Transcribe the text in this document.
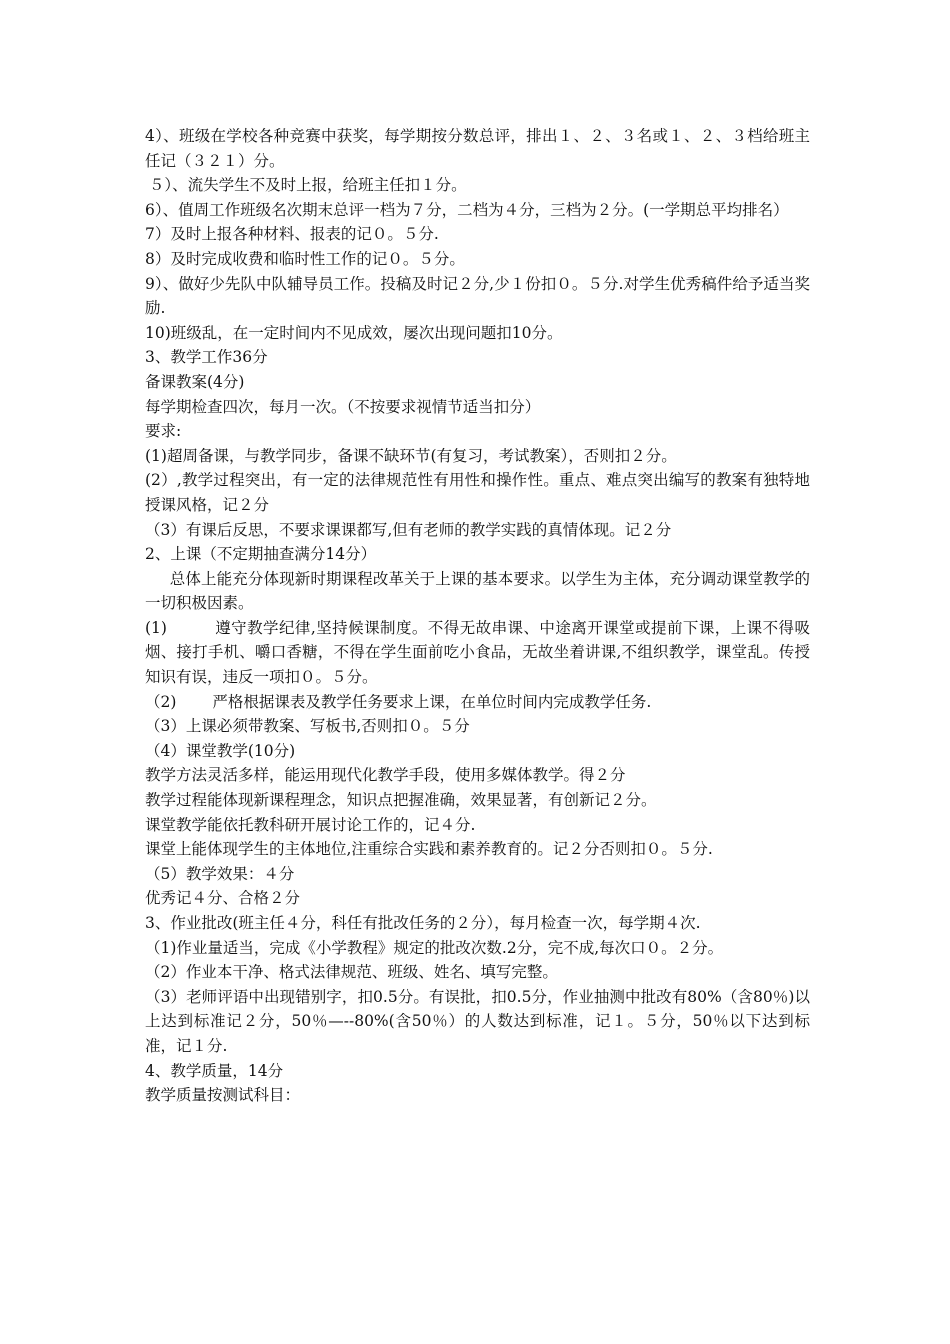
4）、班级在学校各种竞赛中获奖，每学期按分数总评，排出１、２、３名或１、２、３档给班主任记（３２１）分。

５）、流失学生不及时上报，给班主任扣１分。

6）、值周工作班级名次期末总评一档为７分，二档为４分，三档为２分。(一学期总平均排名）

7）及时上报各种材料、报表的记０。５分.

8）及时完成收费和临时性工作的记０。５分。

9）、做好少先队中队辅导员工作。投稿及时记２分,少１份扣０。５分.对学生优秀稿件给予适当奖励.

10)班级乱，在一定时间内不见成效，屡次出现问题扣10分。

3、教学工作36分

备课教案(4分)

每学期检查四次，每月一次。（不按要求视情节适当扣分）

要求:

(1)超周备课，与教学同步，备课不缺环节(有复习，考试教案），否则扣２分。

(2）,教学过程突出，有一定的法律规范性有用性和操作性。重点、难点突出编写的教案有独特地授课风格，记２分

（3）有课后反思，不要求课课都写,但有老师的教学实践的真情体现。记２分

2、上课（不定期抽查满分14分）

总体上能充分体现新时期课程改革关于上课的基本要求。以学生为主体，充分调动课堂教学的一切积极因素。

(1)　　　遵守教学纪律,坚持候课制度。不得无故串课、中途离开课堂或提前下课，上课不得吸烟、接打手机、嚼口香糖，不得在学生面前吃小食品，无故坐着讲课,不组织教学，课堂乱。传授知识有误，违反一项扣０。５分。

（2)　　 严格根据课表及教学任务要求上课，在单位时间内完成教学任务.

（3）上课必须带教案、写板书,否则扣０。５分

（4）课堂教学(10分)

教学方法灵活多样，能运用现代化教学手段，使用多媒体教学。得２分

教学过程能体现新课程理念，知识点把握准确，效果显著，有创新记２分。

课堂教学能依托教科研开展讨论工作的，记４分.

课堂上能体现学生的主体地位,注重综合实践和素养教育的。记２分否则扣０。５分.

（5）教学效果：４分

优秀记４分、合格２分

3、作业批改(班主任４分，科任有批改任务的２分），每月检查一次，每学期４次.

（1)作业量适当，完成《小学教程》规定的批改次数.2分，完不成,每次口０。２分。

（2）作业本干净、格式法律规范、班级、姓名、填写完整。

（3）老师评语中出现错别字，扣0.5分。有误批，扣0.5分，作业抽测中批改有80%（含80％)以上达到标准记２分，50％—--80%(含50％）的人数达到标准，记１。５分，50％以下达到标准，记１分.

4、教学质量，14分

教学质量按测试科目：
